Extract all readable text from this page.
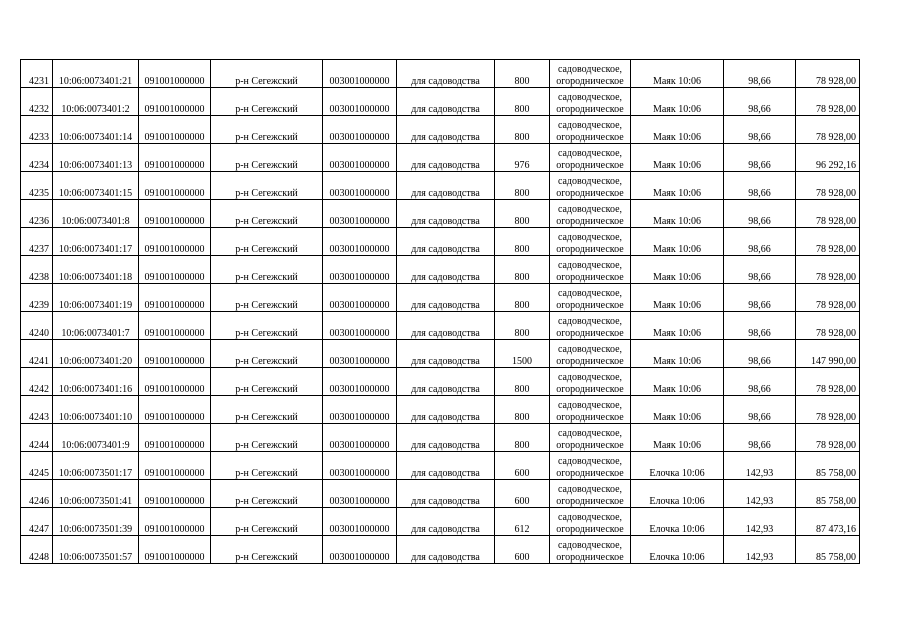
4231	10:06:0073401:21	091001000000	р-н Сегежский	003001000000	для садоводства	800	садоводческое,
огородническое	Маяк 10:06	98,66	78 928,00
4232	10:06:0073401:2	091001000000	р-н Сегежский	003001000000	для садоводства	800	садоводческое,
огородническое	Маяк 10:06	98,66	78 928,00
4233	10:06:0073401:14	091001000000	р-н Сегежский	003001000000	для садоводства	800	садоводческое,
огородническое	Маяк 10:06	98,66	78 928,00
4234	10:06:0073401:13	091001000000	р-н Сегежский	003001000000	для садоводства	976	садоводческое,
огородническое	Маяк 10:06	98,66	96 292,16
4235	10:06:0073401:15	091001000000	р-н Сегежский	003001000000	для садоводства	800	садоводческое,
огородническое	Маяк 10:06	98,66	78 928,00
4236	10:06:0073401:8	091001000000	р-н Сегежский	003001000000	для садоводства	800	садоводческое,
огородническое	Маяк 10:06	98,66	78 928,00
4237	10:06:0073401:17	091001000000	р-н Сегежский	003001000000	для садоводства	800	садоводческое,
огородническое	Маяк 10:06	98,66	78 928,00
4238	10:06:0073401:18	091001000000	р-н Сегежский	003001000000	для садоводства	800	садоводческое,
огородническое	Маяк 10:06	98,66	78 928,00
4239	10:06:0073401:19	091001000000	р-н Сегежский	003001000000	для садоводства	800	садоводческое,
огородническое	Маяк 10:06	98,66	78 928,00
4240	10:06:0073401:7	091001000000	р-н Сегежский	003001000000	для садоводства	800	садоводческое,
огородническое	Маяк 10:06	98,66	78 928,00
4241	10:06:0073401:20	091001000000	р-н Сегежский	003001000000	для садоводства	1500	садоводческое,
огородническое	Маяк 10:06	98,66	147 990,00
4242	10:06:0073401:16	091001000000	р-н Сегежский	003001000000	для садоводства	800	садоводческое,
огородническое	Маяк 10:06	98,66	78 928,00
4243	10:06:0073401:10	091001000000	р-н Сегежский	003001000000	для садоводства	800	садоводческое,
огородническое	Маяк 10:06	98,66	78 928,00
4244	10:06:0073401:9	091001000000	р-н Сегежский	003001000000	для садоводства	800	садоводческое,
огородническое	Маяк 10:06	98,66	78 928,00
4245	10:06:0073501:17	091001000000	р-н Сегежский	003001000000	для садоводства	600	садоводческое,
огородническое	Елочка 10:06	142,93	85 758,00
4246	10:06:0073501:41	091001000000	р-н Сегежский	003001000000	для садоводства	600	садоводческое,
огородническое	Елочка 10:06	142,93	85 758,00
4247	10:06:0073501:39	091001000000	р-н Сегежский	003001000000	для садоводства	612	садоводческое,
огородническое	Елочка 10:06	142,93	87 473,16
4248	10:06:0073501:57	091001000000	р-н Сегежский	003001000000	для садоводства	600	садоводческое,
огородническое	Елочка 10:06	142,93	85 758,00
